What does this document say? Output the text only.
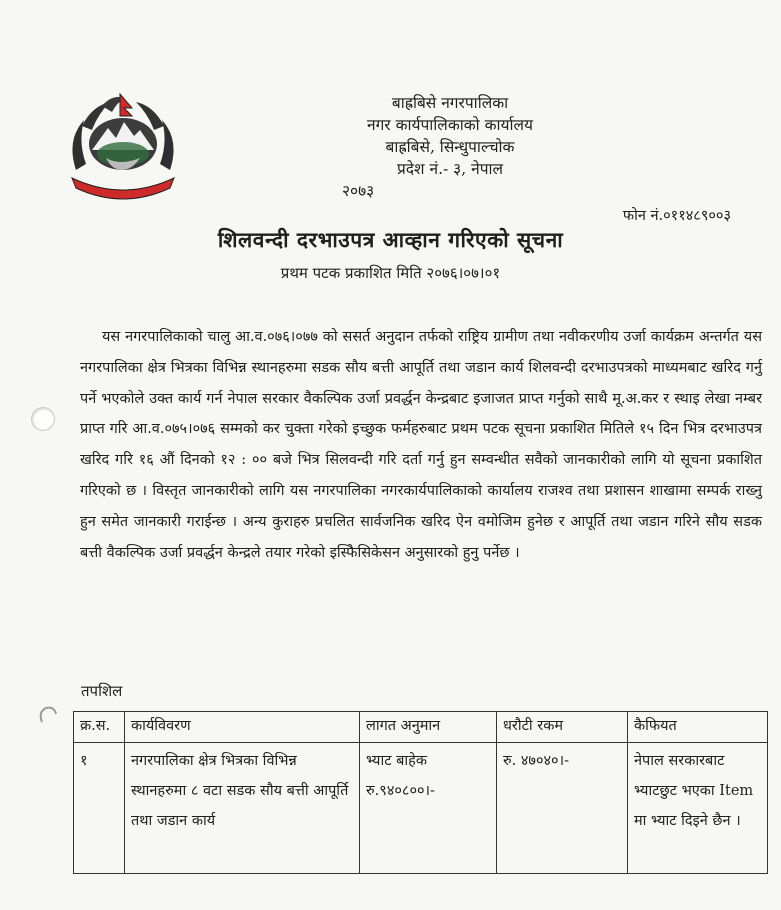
बाह्रबिसे नगरपालिका
नगर कार्यपालिकाको कार्यालय
बाह्रबिसे, सिन्धुपाल्चोक
प्रदेश नं.- ३, नेपाल
२०७३
फोन नं.०११४८९००३
शिलवन्दी दरभाउपत्र आव्हान गरिएको सूचना
प्रथम पटक प्रकाशित मिति २०७६।०७।०१
यस नगरपालिकाको चालु आ.व.०७६।०७७ को ससर्त अनुदान तर्फको राष्ट्रिय ग्रामीण तथा नवीकरणीय उर्जा कार्यक्रम अन्तर्गत यस नगरपालिका क्षेत्र भित्रका विभिन्न स्थानहरुमा सडक सौय बत्ती आपूर्ति तथा जडान कार्य शिलवन्दी दरभाउपत्रको माध्यमबाट खरिद गर्नु पर्ने भएकोले उक्त कार्य गर्न नेपाल सरकार वैकल्पिक उर्जा प्रवर्द्धन केन्द्रबाट इजाजत प्राप्त गर्नुको साथै मू.अ.कर र स्थाइ लेखा नम्बर प्राप्त गरि आ.व.०७५।०७६ सम्मको कर चुक्ता गरेको इच्छुक फर्महरुबाट प्रथम पटक सूचना प्रकाशित मितिले १५ दिन भित्र दरभाउपत्र खरिद गरि १६ औं दिनको १२ : ०० बजे भित्र सिलवन्दी गरि दर्ता गर्नु हुन सम्वन्धीत सवैको जानकारीको लागि यो सूचना प्रकाशित गरिएको छ । विस्तृत जानकारीको लागि यस नगरपालिका नगरकार्यपालिकाको कार्यालय राजश्व तथा प्रशासन शाखामा सम्पर्क राख्नु हुन समेत जानकारी गराईन्छ । अन्य कुराहरु प्रचलित सार्वजनिक खरिद ऐन वमोजिम हुनेछ र आपूर्ति तथा जडान गरिने सौय सडक बत्ती वैकल्पिक उर्जा प्रवर्द्धन केन्द्रले तयार गरेको इस्फिेसिकेसन अनुसारको हुनु पर्नेछ ।
तपशिल
क्र.स.	कार्यविवरण	लागत अनुमान	धरौटी रकम	कैफियत
१	नगरपालिका क्षेत्र भित्रका विभिन्न स्थानहरुमा ८ वटा सडक सौय बत्ती आपूर्ति तथा जडान कार्य	भ्याट बाहेक रु.९४०८००।-	रु. ४७०४०।-	नेपाल सरकारबाट भ्याटछुट भएका Item मा भ्याट दिइने छैन ।
